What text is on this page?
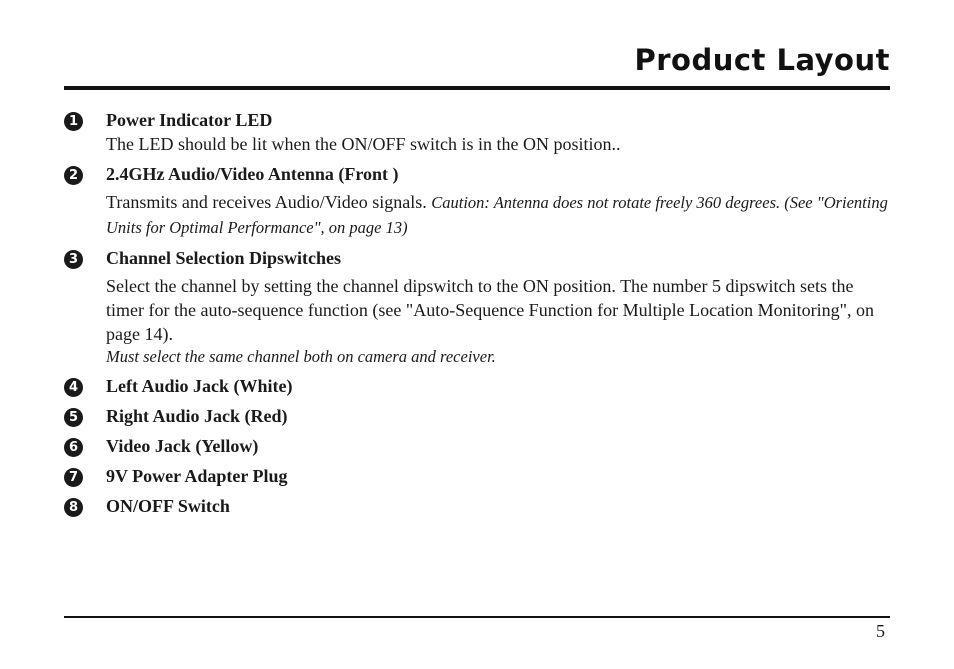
Product Layout
1 Power Indicator LED
The LED should be lit when the ON/OFF switch is in the ON position..
2 2.4GHz Audio/Video Antenna (Front )
Transmits and receives Audio/Video signals. Caution: Antenna does not rotate freely 360 degrees. (See "Orienting Units for Optimal Performance", on page 13)
3 Channel Selection Dipswitches
Select the channel by setting the channel dipswitch to the ON position. The number 5 dipswitch sets the timer for the auto-sequence function (see "Auto-Sequence Function for Multiple Location Monitoring", on page 14).
Must select the same channel both on camera and receiver.
4 Left Audio Jack (White)
5 Right Audio Jack (Red)
6 Video Jack (Yellow)
7 9V Power Adapter Plug
8 ON/OFF Switch
5
